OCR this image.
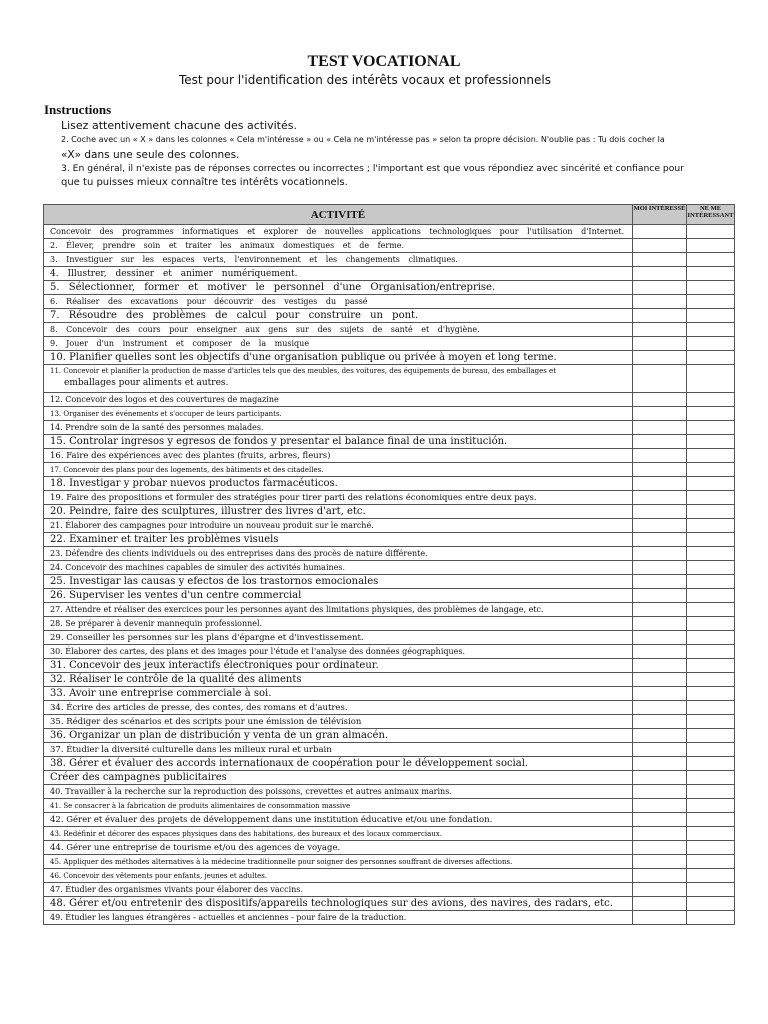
TEST VOCATIONAL
Test pour l'identification des intérêts vocaux et professionnels
Instructions
Lisez attentivement chacune des activités.
2. Coche avec un « X » dans les colonnes « Cela m'intéresse » ou « Cela ne m'intéresse pas » selon ta propre décision. N'oublie pas : Tu dois cocher la
«X» dans une seule des colonnes.
3. En général, il n'existe pas de réponses correctes ou incorrectes ; l'important est que vous répondiez avec sincérité et confiance pour
que tu puisses mieux connaître tes intérêts vocationnels.
ACTIVITÉ	MOI INTÉRESSÉ	NE ME INTÉRESSANT
Concevoir des programmes informatiques et explorer de nouvelles applications technologiques pour l'utilisation d'Internet.		
2. Élever, prendre soin et traiter les animaux domestiques et de ferme.		
3. Investiguer sur les espaces verts, l'environnement et les changements climatiques.		
4. Illustrer, dessiner et animer numériquement.		
5. Sélectionner, former et motiver le personnel d'une Organisation/entreprise.		
6. Réaliser des excavations pour découvrir des vestiges du passé		
7. Résoudre des problèmes de calcul pour construire un pont.		
8. Concevoir des cours pour enseigner aux gens sur des sujets de santé et d'hygiène.		
9. Jouer d'un instrument et composer de la musique		
10. Planifier quelles sont les objectifs d'une organisation publique ou privée à moyen et long terme.		

11. Concevoir et planifier la production de masse d'articles tels que des meubles, des voitures, des équipements de bureau, des emballages et
emballages pour aliments et autres.		

12. Concevoir des logos et des couvertures de magazine		
13. Organiser des événements et s'occuper de leurs participants.		
14. Prendre soin de la santé des personnes malades.		
15. Controlar ingresos y egresos de fondos y presentar el balance final de una institución.		
16. Faire des expériences avec des plantes (fruits, arbres, fleurs)		
17. Concevoir des plans pour des logements, des bâtiments et des citadelles.		
18. Investigar y probar nuevos productos farmacéuticos.		
19. Faire des propositions et formuler des stratégies pour tirer parti des relations économiques entre deux pays.		
20. Peindre, faire des sculptures, illustrer des livres d'art, etc.		
21. Élaborer des campagnes pour introduire un nouveau produit sur le marché.		
22. Examiner et traiter les problèmes visuels		
23. Défendre des clients individuels ou des entreprises dans des procès de nature différente.		
24. Concevoir des machines capables de simuler des activités humaines.		
25. Investigar las causas y efectos de los trastornos emocionales		
26. Superviser les ventes d'un centre commercial		
27. Attendre et réaliser des exercices pour les personnes ayant des limitations physiques, des problèmes de langage, etc.		
28. Se préparer à devenir mannequin professionnel.		
29. Conseiller les personnes sur les plans d'épargne et d'investissement.		
30. Élaborer des cartes, des plans et des images pour l'étude et l'analyse des données géographiques.		
31. Concevoir des jeux interactifs électroniques pour ordinateur.		
32. Réaliser le contrôle de la qualité des aliments		
33. Avoir une entreprise commerciale à soi.		
34. Écrire des articles de presse, des contes, des romans et d'autres.		
35. Rédiger des scénarios et des scripts pour une émission de télévision		
36. Organizar un plan de distribución y venta de un gran almacén.		
37. Étudier la diversité culturelle dans les milieux rural et urbain		
38. Gérer et évaluer des accords internationaux de coopération pour le développement social.		
Créer des campagnes publicitaires		
40. Travailler à la recherche sur la reproduction des poissons, crevettes et autres animaux marins.		
41. Se consacrer à la fabrication de produits alimentaires de consommation massive		
42. Gérer et évaluer des projets de développement dans une institution éducative et/ou une fondation.		
43. Redéfinir et décorer des espaces physiques dans des habitations, des bureaux et des locaux commerciaux.		
44. Gérer une entreprise de tourisme et/ou des agences de voyage.		
45. Appliquer des méthodes alternatives à la médecine traditionnelle pour soigner des personnes souffrant de diverses affections.		
46. Concevoir des vêtements pour enfants, jeunes et adultes.		
47. Étudier des organismes vivants pour élaborer des vaccins.		
48. Gérer et/ou entretenir des dispositifs/appareils technologiques sur des avions, des navires, des radars, etc.		
49. Étudier les langues étrangères - actuelles et anciennes - pour faire de la traduction.		
